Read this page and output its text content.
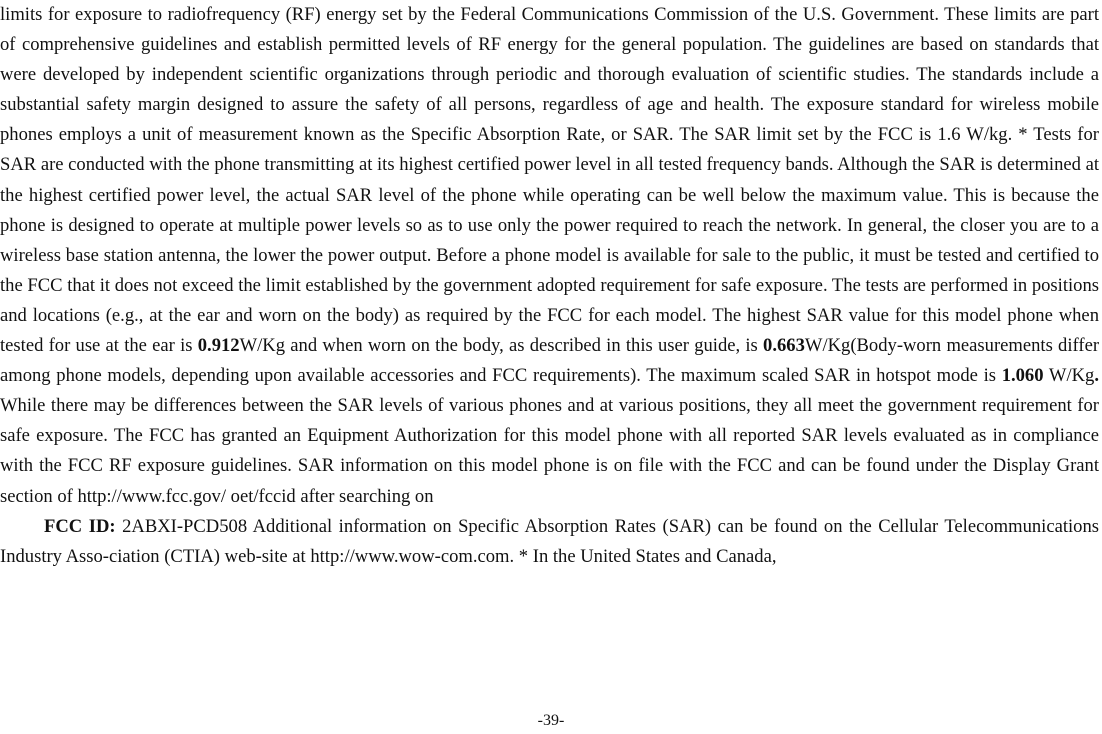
limits for exposure to radiofrequency (RF) energy set by the Federal Communications Commission of the U.S. Government. These limits are part of comprehensive guidelines and establish permitted levels of RF energy for the general population. The guidelines are based on standards that were developed by independent scientific organizations through periodic and thorough evaluation of scientific studies. The standards include a substantial safety margin designed to assure the safety of all persons, regardless of age and health. The exposure standard for wireless mobile phones employs a unit of measurement known as the Specific Absorption Rate, or SAR. The SAR limit set by the FCC is 1.6 W/kg. * Tests for SAR are conducted with the phone transmitting at its highest certified power level in all tested frequency bands. Although the SAR is determined at the highest certified power level, the actual SAR level of the phone while operating can be well below the maximum value. This is because the phone is designed to operate at multiple power levels so as to use only the power required to reach the network. In general, the closer you are to a wireless base station antenna, the lower the power output. Before a phone model is available for sale to the public, it must be tested and certified to the FCC that it does not exceed the limit established by the government adopted requirement for safe exposure. The tests are performed in positions and locations (e.g., at the ear and worn on the body) as required by the FCC for each model. The highest SAR value for this model phone when tested for use at the ear is 0.912W/Kg and when worn on the body, as described in this user guide, is 0.663W/Kg(Body-worn measurements differ among phone models, depending upon available accessories and FCC requirements). The maximum scaled SAR in hotspot mode is 1.060 W/Kg. While there may be differences between the SAR levels of various phones and at various positions, they all meet the government requirement for safe exposure. The FCC has granted an Equipment Authorization for this model phone with all reported SAR levels evaluated as in compliance with the FCC RF exposure guidelines. SAR information on this model phone is on file with the FCC and can be found under the Display Grant section of http://www.fcc.gov/ oet/fccid after searching on

FCC ID: 2ABXI-PCD508 Additional information on Specific Absorption Rates (SAR) can be found on the Cellular Telecommunications Industry Asso-ciation (CTIA) web-site at http://www.wow-com.com. * In the United States and Canada,

-39-
